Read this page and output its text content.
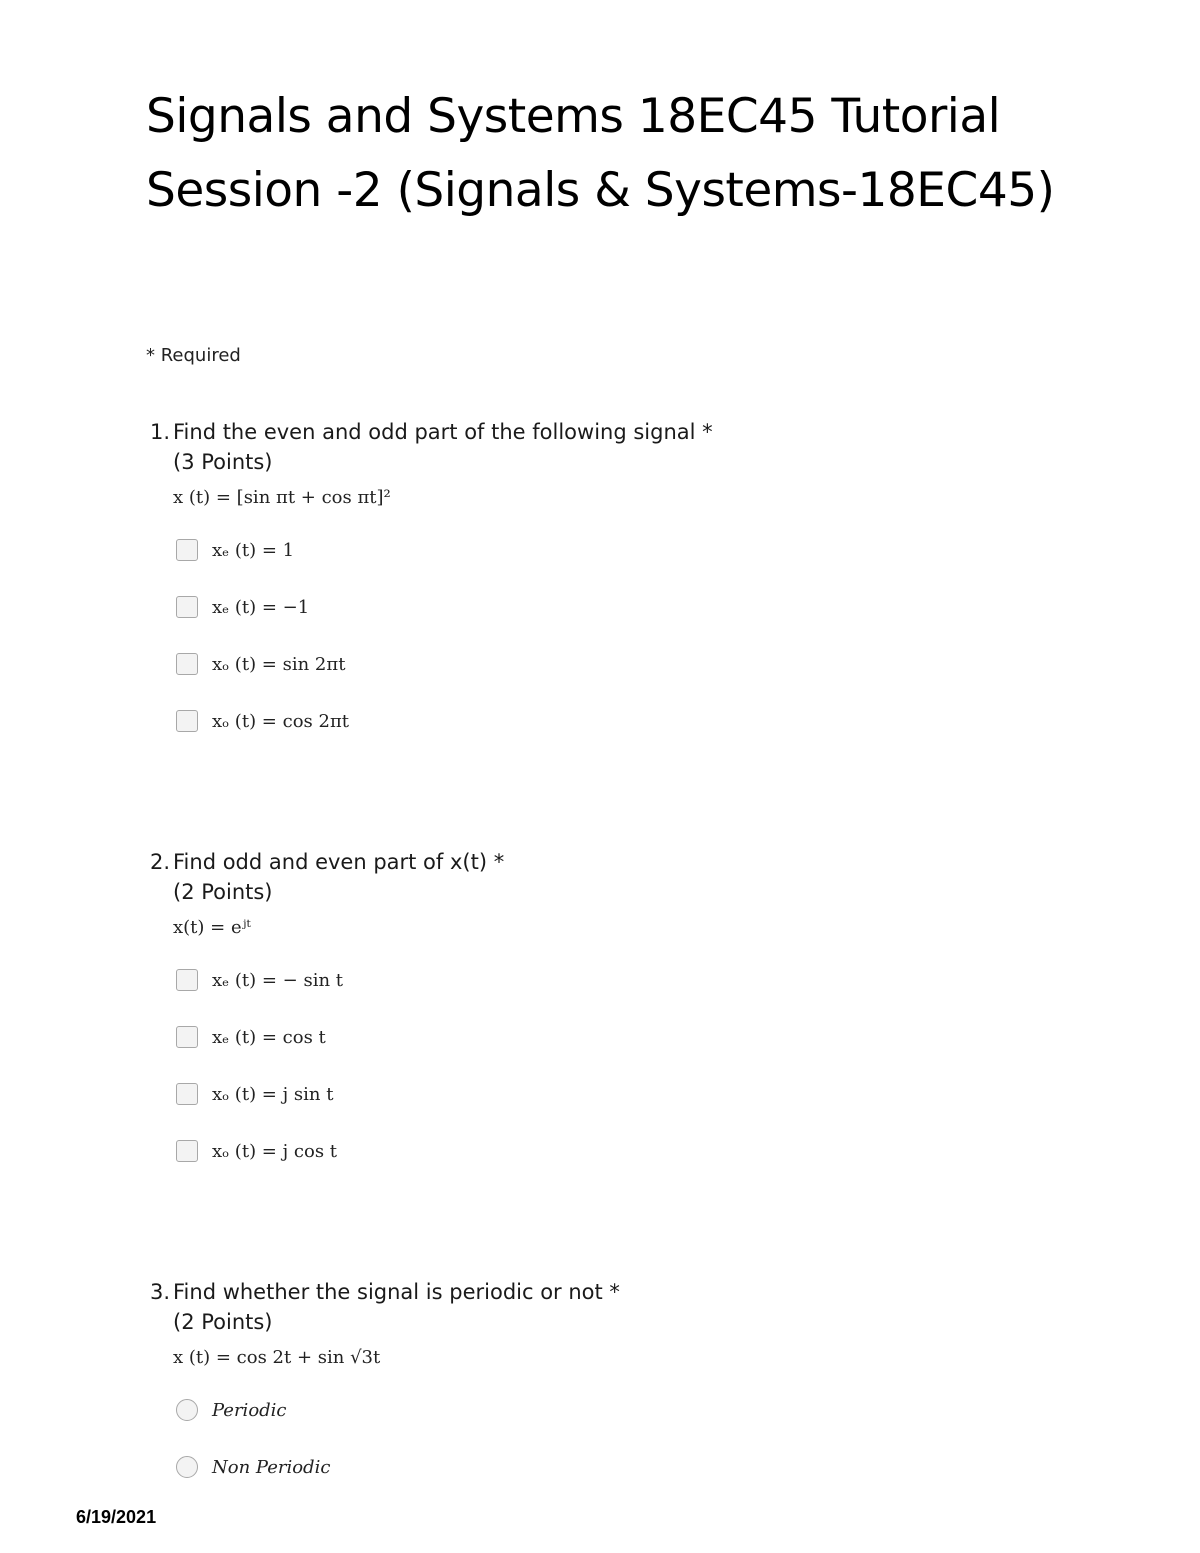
Signals and Systems 18EC45 Tutorial Session -2 (Signals & Systems-18EC45)
* Required
1. Find the even and odd part of the following signal *
(3 Points)
x (t) = [sin πt + cos πt]²
xₑ (t) = 1
xₑ (t) = −1
xₒ (t) = sin 2πt
xₒ (t) = cos 2πt
2. Find odd and even part of x(t) *
(2 Points)
x(t) = eʲᵗ
xₑ (t) = − sin t
xₑ (t) = cos t
xₒ (t) = j sin t
xₒ (t) = j cos t
3. Find whether the signal is periodic or not *
(2 Points)
x (t) = cos 2t + sin √3t
Periodic
Non Periodic
6/19/2021
